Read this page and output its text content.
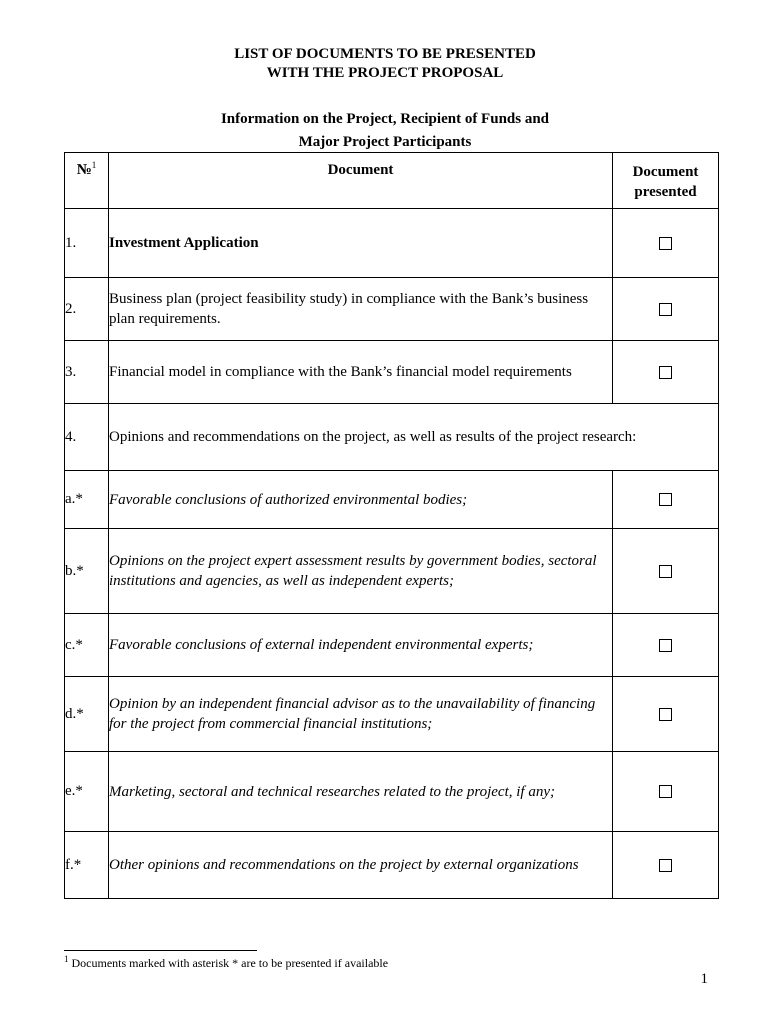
LIST OF DOCUMENTS TO BE PRESENTED
WITH THE PROJECT PROPOSAL
Information on the Project, Recipient of Funds and
Major Project Participants
№$^1$	Document	Document
presented

1.	Investment Application	
2.	Business plan (project feasibility study) in compliance with the Bank’s business plan requirements.	
3.	Financial model in compliance with the Bank’s financial model requirements	
4.	Opinions and recommendations on the project, as well as results of the project research:	
a.*	Favorable conclusions of authorized environmental bodies;	
b.*	Opinions on the project expert assessment results by government bodies, sectoral institutions and agencies, as well as independent experts;	
c.*	Favorable conclusions of external independent environmental experts;	
d.*	Opinion by an independent financial advisor as to the unavailability of financing for the project from commercial financial institutions;	
e.*	Marketing, sectoral and technical researches related to the project, if any;	
f.*	Other opinions and recommendations on the project by external organizations	
$^1$ Documents marked with asterisk * are to be presented if available
1
